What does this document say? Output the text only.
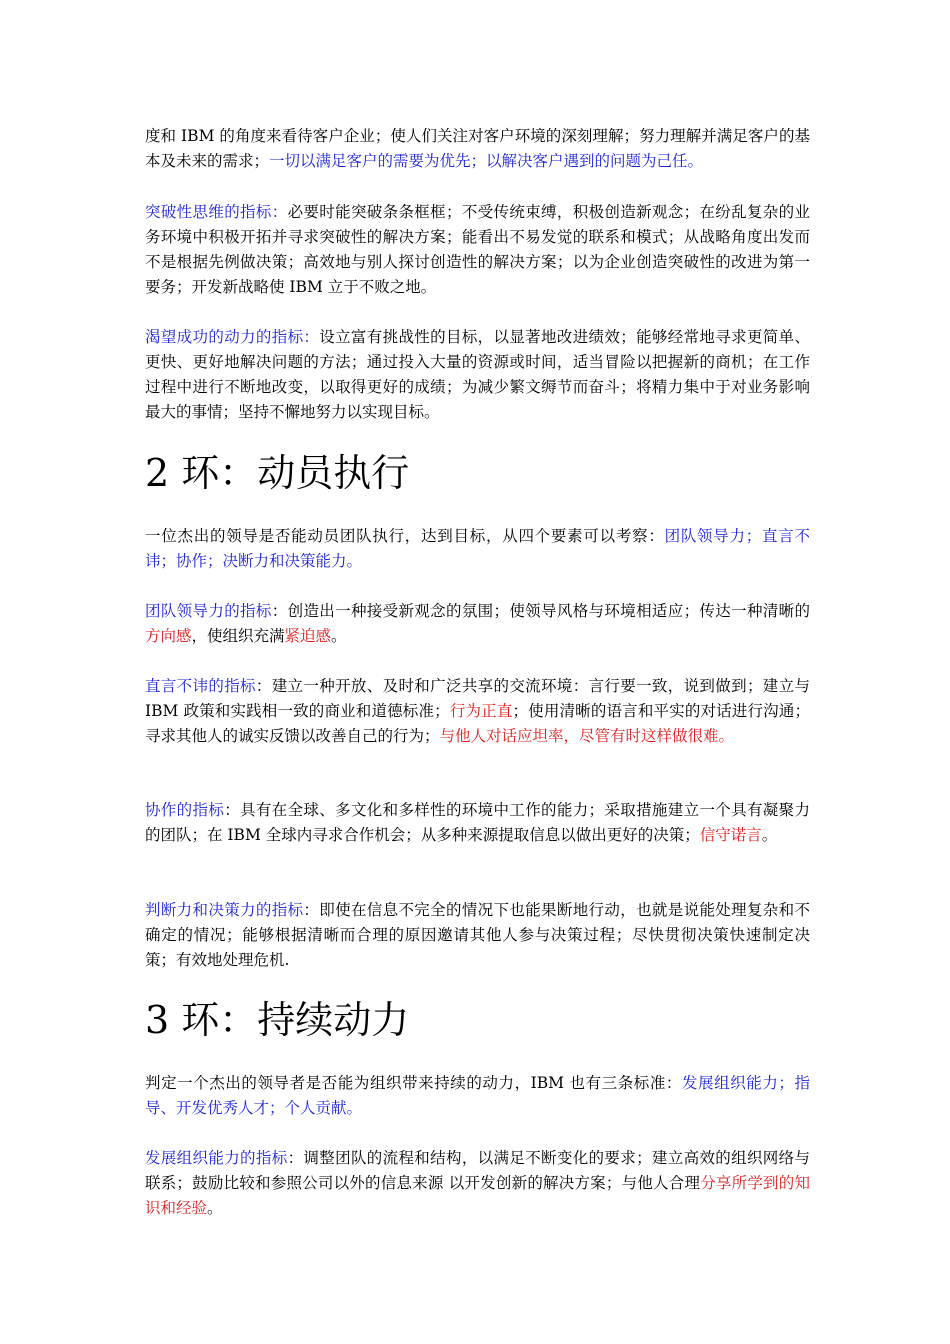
度和 IBM 的角度来看待客户企业；使人们关注对客户环境的深刻理解；努力理解并满足客户的基本及未来的需求；一切以满足客户的需要为优先；以解决客户遇到的问题为己任。

突破性思维的指标：必要时能突破条条框框；不受传统束缚，积极创造新观念；在纷乱复杂的业务环境中积极开拓并寻求突破性的解决方案；能看出不易发觉的联系和模式；从战略角度出发而不是根据先例做决策；高效地与别人探讨创造性的解决方案；以为企业创造突破性的改进为第一要务；开发新战略使 IBM 立于不败之地。

渴望成功的动力的指标：设立富有挑战性的目标，以显著地改进绩效；能够经常地寻求更简单、更快、更好地解决问题的方法；通过投入大量的资源或时间，适当冒险以把握新的商机；在工作过程中进行不断地改变，以取得更好的成绩；为减少繁文缛节而奋斗；将精力集中于对业务影响最大的事情；坚持不懈地努力以实现目标。

2 环：动员执行

一位杰出的领导是否能动员团队执行，达到目标，从四个要素可以考察：团队领导力；直言不讳；协作；决断力和决策能力。

团队领导力的指标：创造出一种接受新观念的氛围；使领导风格与环境相适应；传达一种清晰的方向感，使组织充满紧迫感。

直言不讳的指标：建立一种开放、及时和广泛共享的交流环境：言行要一致，说到做到；建立与 IBM 政策和实践相一致的商业和道德标准；行为正直；使用清晰的语言和平实的对话进行沟通；寻求其他人的诚实反馈以改善自己的行为；与他人对话应坦率，尽管有时这样做很难。

协作的指标：具有在全球、多文化和多样性的环境中工作的能力；采取措施建立一个具有凝聚力的团队；在 IBM 全球内寻求合作机会；从多种来源提取信息以做出更好的决策；信守诺言。

判断力和决策力的指标：即使在信息不完全的情况下也能果断地行动，也就是说能处理复杂和不确定的情况；能够根据清晰而合理的原因邀请其他人参与决策过程；尽快贯彻决策快速制定决策；有效地处理危机.

3 环：持续动力

判定一个杰出的领导者是否能为组织带来持续的动力，IBM 也有三条标准：发展组织能力；指导、开发优秀人才；个人贡献。

发展组织能力的指标：调整团队的流程和结构，以满足不断变化的要求；建立高效的组织网络与联系；鼓励比较和参照公司以外的信息来源 以开发创新的解决方案；与他人合理分享所学到的知识和经验。
